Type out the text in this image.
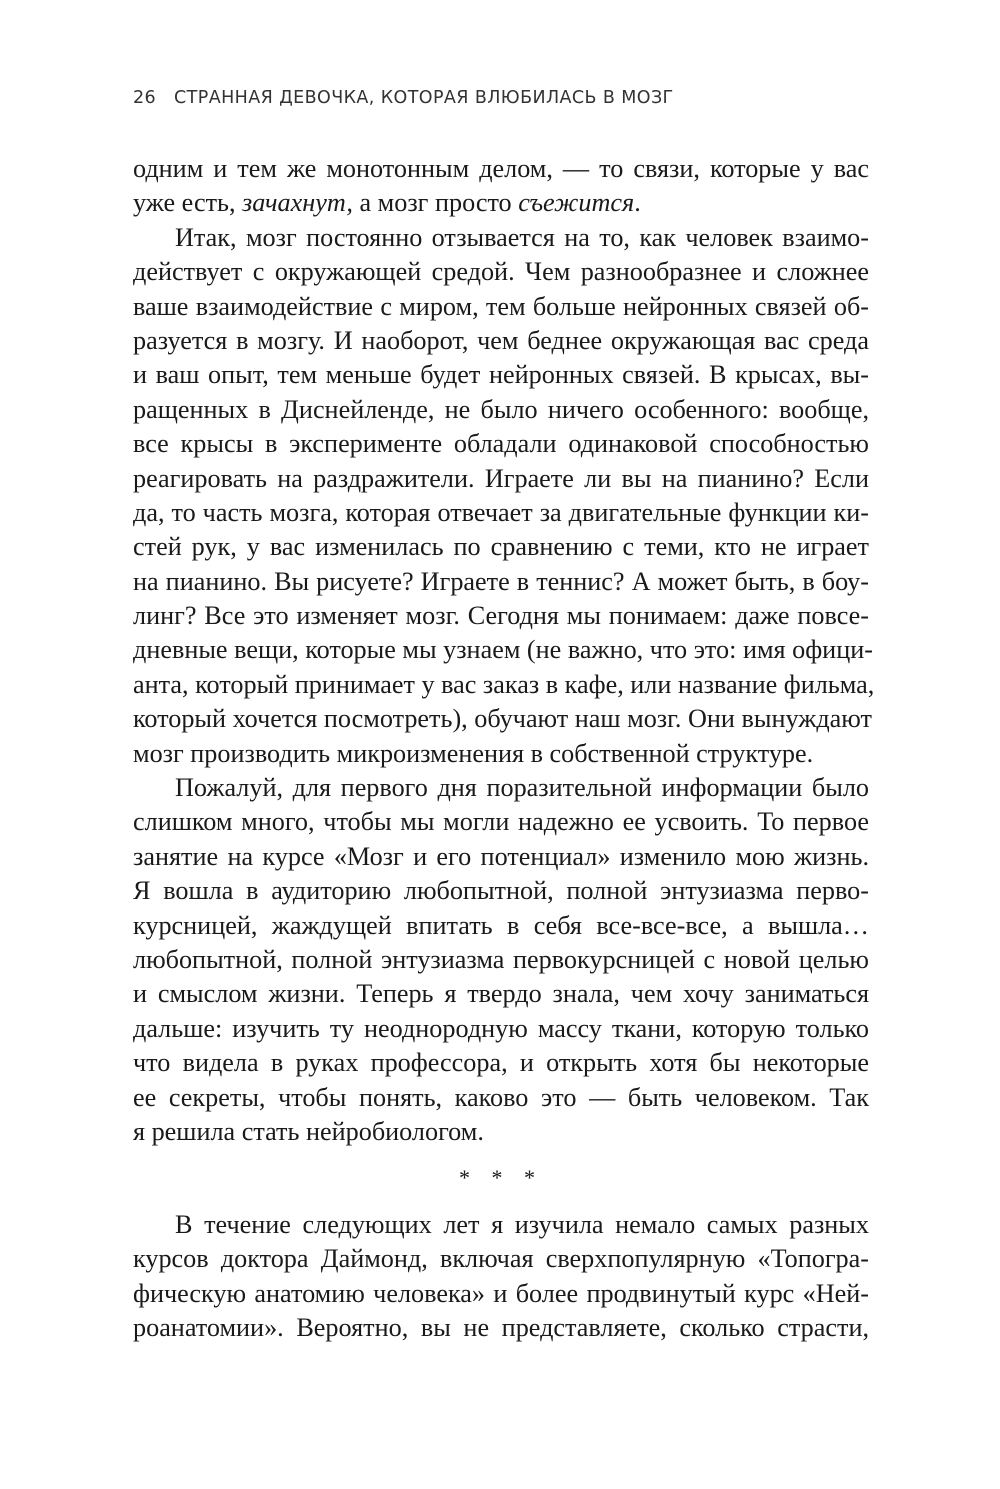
26 СТРАННАЯ ДЕВОЧКА, КОТОРАЯ ВЛЮБИЛАСЬ В МОЗГ
одним и тем же монотонным делом, — то связи, которые у вас
уже есть, зачахнут, а мозг просто съежится.
Итак, мозг постоянно отзывается на то, как человек взаимо-
действует с окружающей средой. Чем разнообразнее и сложнее
ваше взаимодействие с миром, тем больше нейронных связей об-
разуется в мозгу. И наоборот, чем беднее окружающая вас среда
и ваш опыт, тем меньше будет нейронных связей. В крысах, вы-
ращенных в Диснейленде, не было ничего особенного: вообще,
все крысы в эксперименте обладали одинаковой способностью
реагировать на раздражители. Играете ли вы на пианино? Если
да, то часть мозга, которая отвечает за двигательные функции ки-
стей рук, у вас изменилась по сравнению с теми, кто не играет
на пианино. Вы рисуете? Играете в теннис? А может быть, в боу-
линг? Все это изменяет мозг. Сегодня мы понимаем: даже повсе-
дневные вещи, которые мы узнаем (не важно, что это: имя офици-
анта, который принимает у вас заказ в кафе, или название фильма,
который хочется посмотреть), обучают наш мозг. Они вынуждают
мозг производить микроизменения в собственной структуре.
Пожалуй, для первого дня поразительной информации было
слишком много, чтобы мы могли надежно ее усвоить. То первое
занятие на курсе «Мозг и его потенциал» изменило мою жизнь.
Я вошла в аудиторию любопытной, полной энтузиазма перво-
курсницей, жаждущей впитать в себя все-все-все, а вышла…
любопытной, полной энтузиазма первокурсницей с новой целью
и смыслом жизни. Теперь я твердо знала, чем хочу заниматься
дальше: изучить ту неоднородную массу ткани, которую только
что видела в руках профессора, и открыть хотя бы некоторые
ее секреты, чтобы понять, каково это — быть человеком. Так
я решила стать нейробиологом.
* * *
В течение следующих лет я изучила немало самых разных
курсов доктора Даймонд, включая сверхпопулярную «Топогра-
фическую анатомию человека» и более продвинутый курс «Ней-
роанатомии». Вероятно, вы не представляете, сколько страсти,
